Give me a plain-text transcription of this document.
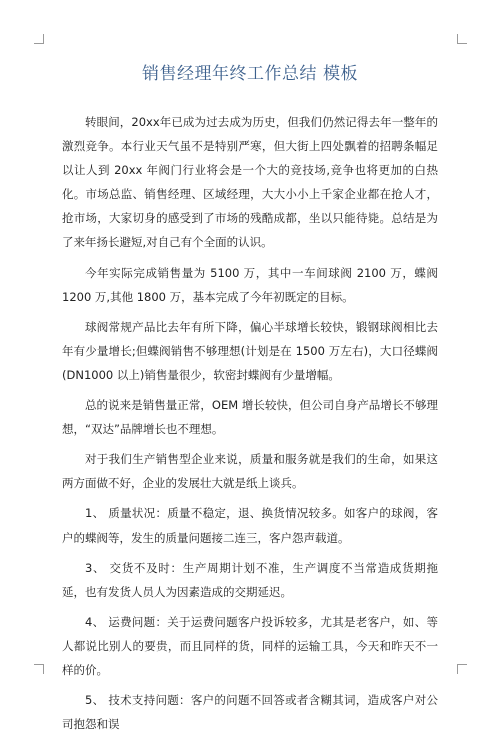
销售经理年终工作总结 模板

转眼间，20xx年已成为过去成为历史，但我们仍然记得去年一整年的激烈竞争。本行业天气虽不是特别严寒，但大街上四处飘着的招聘条幅足以让人到 20xx 年阀门行业将会是一个大的竞技场,竞争也将更加的白热化。市场总监、销售经理、区域经理，大大小小上千家企业都在抢人才，抢市场，大家切身的感受到了市场的残酷成都，坐以只能待毙。总结是为了来年扬长避短,对自己有个全面的认识。

今年实际完成销售量为 5100 万，其中一车间球阀 2100 万，蝶阀 1200 万,其他 1800 万，基本完成了今年初既定的目标。

球阀常规产品比去年有所下降，偏心半球增长较快，锻钢球阀相比去年有少量增长;但蝶阀销售不够理想(计划是在 1500 万左右)，大口径蝶阀(DN1000 以上)销售量很少，软密封蝶阀有少量增幅。

总的说来是销售量正常，OEM 增长较快，但公司自身产品增长不够理想，“双达”品牌增长也不理想。

对于我们生产销售型企业来说，质量和服务就是我们的生命，如果这两方面做不好，企业的发展壮大就是纸上谈兵。

1、 质量状况：质量不稳定，退、换货情况较多。如客户的球阀，客户的蝶阀等，发生的质量问题接二连三，客户怨声载道。

3、 交货不及时：生产周期计划不准，生产调度不当常造成货期拖延，也有发货人员人为因素造成的交期延迟。

4、 运费问题：关于运费问题客户投诉较多，尤其是老客户，如、等人都说比别人的要贵，而且同样的货，同样的运输工具，今天和昨天不一样的价。

5、 技术支持问题：客户的问题不回答或者含糊其词，造成客户对公司抱怨和误
